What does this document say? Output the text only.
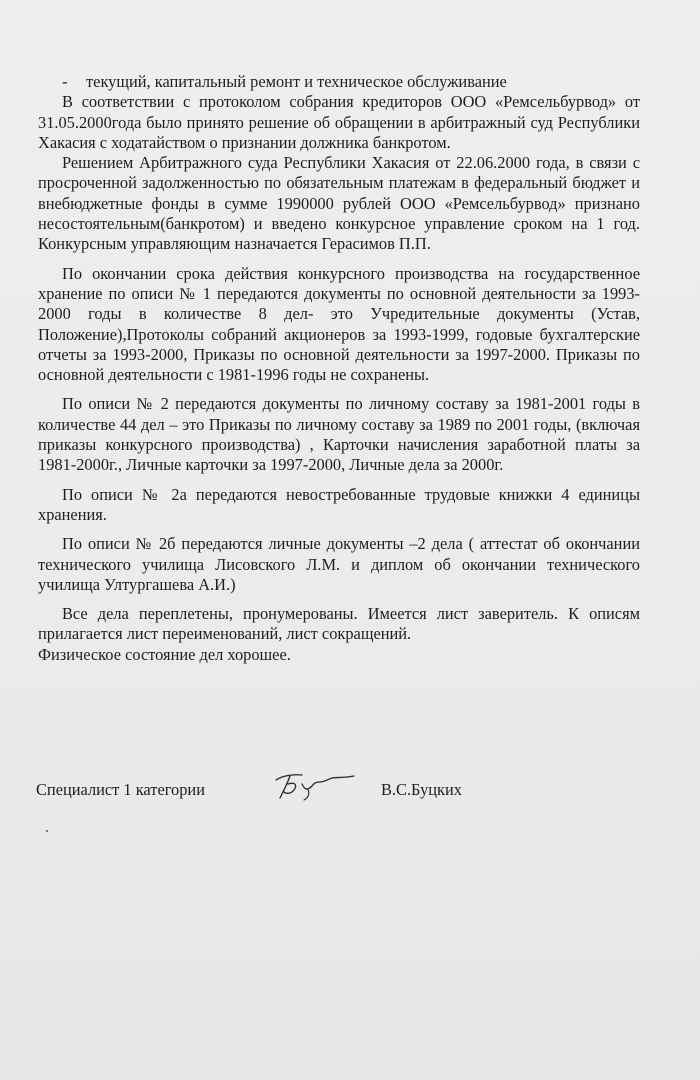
- текущий, капитальный ремонт и техническое обслуживание

В соответствии с протоколом собрания кредиторов ООО «Ремсельбурвод» от 31.05.2000года было принято решение об обращении в арбитражный суд Республики Хакасия с ходатайством о признании должника банкротом.

Решением Арбитражного суда Республики Хакасия от 22.06.2000 года, в связи с просроченной задолженностью по обязательным платежам в федеральный бюджет и внебюджетные фонды в сумме 1990000 рублей ООО «Ремсельбурвод» признано несостоятельным(банкротом) и введено конкурсное управление сроком на 1 год. Конкурсным управляющим назначается Герасимов П.П.

По окончании срока действия конкурсного производства на государственное хранение по описи № 1 передаются документы по основной деятельности за 1993-2000 годы в количестве 8 дел- это Учредительные документы (Устав, Положение),Протоколы собраний акционеров за 1993-1999, годовые бухгалтерские отчеты за 1993-2000, Приказы по основной деятельности за 1997-2000. Приказы по основной деятельности с 1981-1996 годы не сохранены.

По описи № 2 передаются документы по личному составу за 1981-2001 годы в количестве 44 дел – это Приказы по личному составу за 1989 по 2001 годы, (включая приказы конкурсного производства) , Карточки начисления заработной платы за 1981-2000г., Личные карточки за 1997-2000, Личные дела за 2000г.

По описи № 2а передаются невостребованные трудовые книжки 4 единицы хранения.

По описи № 2б передаются личные документы –2 дела ( аттестат об окончании технического училища Лисовского Л.М. и диплом об окончании технического училища Ултургашева А.И.)

Все дела переплетены, пронумерованы. Имеется лист заверитель. К описям прилагается лист переименований, лист сокращений.

Физическое состояние дел хорошее.

Специалист 1 категории	В.С.Буцких
